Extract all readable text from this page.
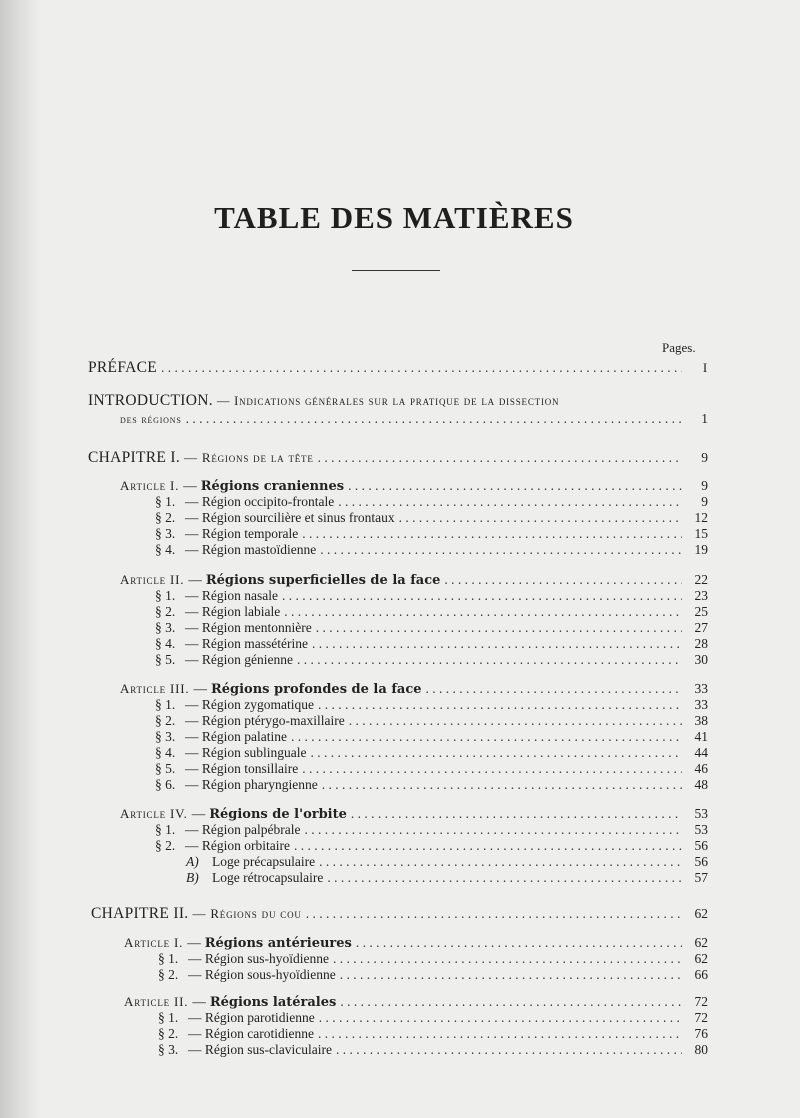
TABLE DES MATIÈRES
Pages.
PRÉFACE . . .	I
INTRODUCTION. — Indications générales sur la pratique de la dissection
des régions . . .	1
CHAPITRE I. — Régions de la tête . . .	9
Article I. — Régions craniennes . . .	9
§ 1. — Région occipito-frontale . . .	9
§ 2. — Région sourcilière et sinus frontaux . . .	12
§ 3. — Région temporale . . .	15
§ 4. — Région mastoïdienne . . .	19
Article II. — Régions superficielles de la face . . .	22
§ 1. — Région nasale . . .	23
§ 2. — Région labiale . . .	25
§ 3. — Région mentonnière . . .	27
§ 4. — Région massétérine . . .	28
§ 5. — Région génienne . . .	30
Article III. — Régions profondes de la face . . .	33
§ 1. — Région zygomatique . . .	33
§ 2. — Région ptérygo-maxillaire . . .	38
§ 3. — Région palatine . . .	41
§ 4. — Région sublinguale . . .	44
§ 5. — Région tonsillaire . . .	46
§ 6. — Région pharyngienne . . .	48
Article IV. — Régions de l'orbite . . .	53
§ 1. — Région palpébrale . . .	53
§ 2. — Région orbitaire . . .	56
A) Loge précapsulaire . . .	56
B) Loge rétrocapsulaire . . .	57
CHAPITRE II. — Régions du cou . . .	62
Article I. — Régions antérieures . . .	62
§ 1. — Région sus-hyoïdienne . . .	62
§ 2. — Région sous-hyoïdienne . . .	66
Article II. — Régions latérales . . .	72
§ 1. — Région parotidienne . . .	72
§ 2. — Région carotidienne . . .	76
§ 3. — Région sus-claviculaire . . .	80
